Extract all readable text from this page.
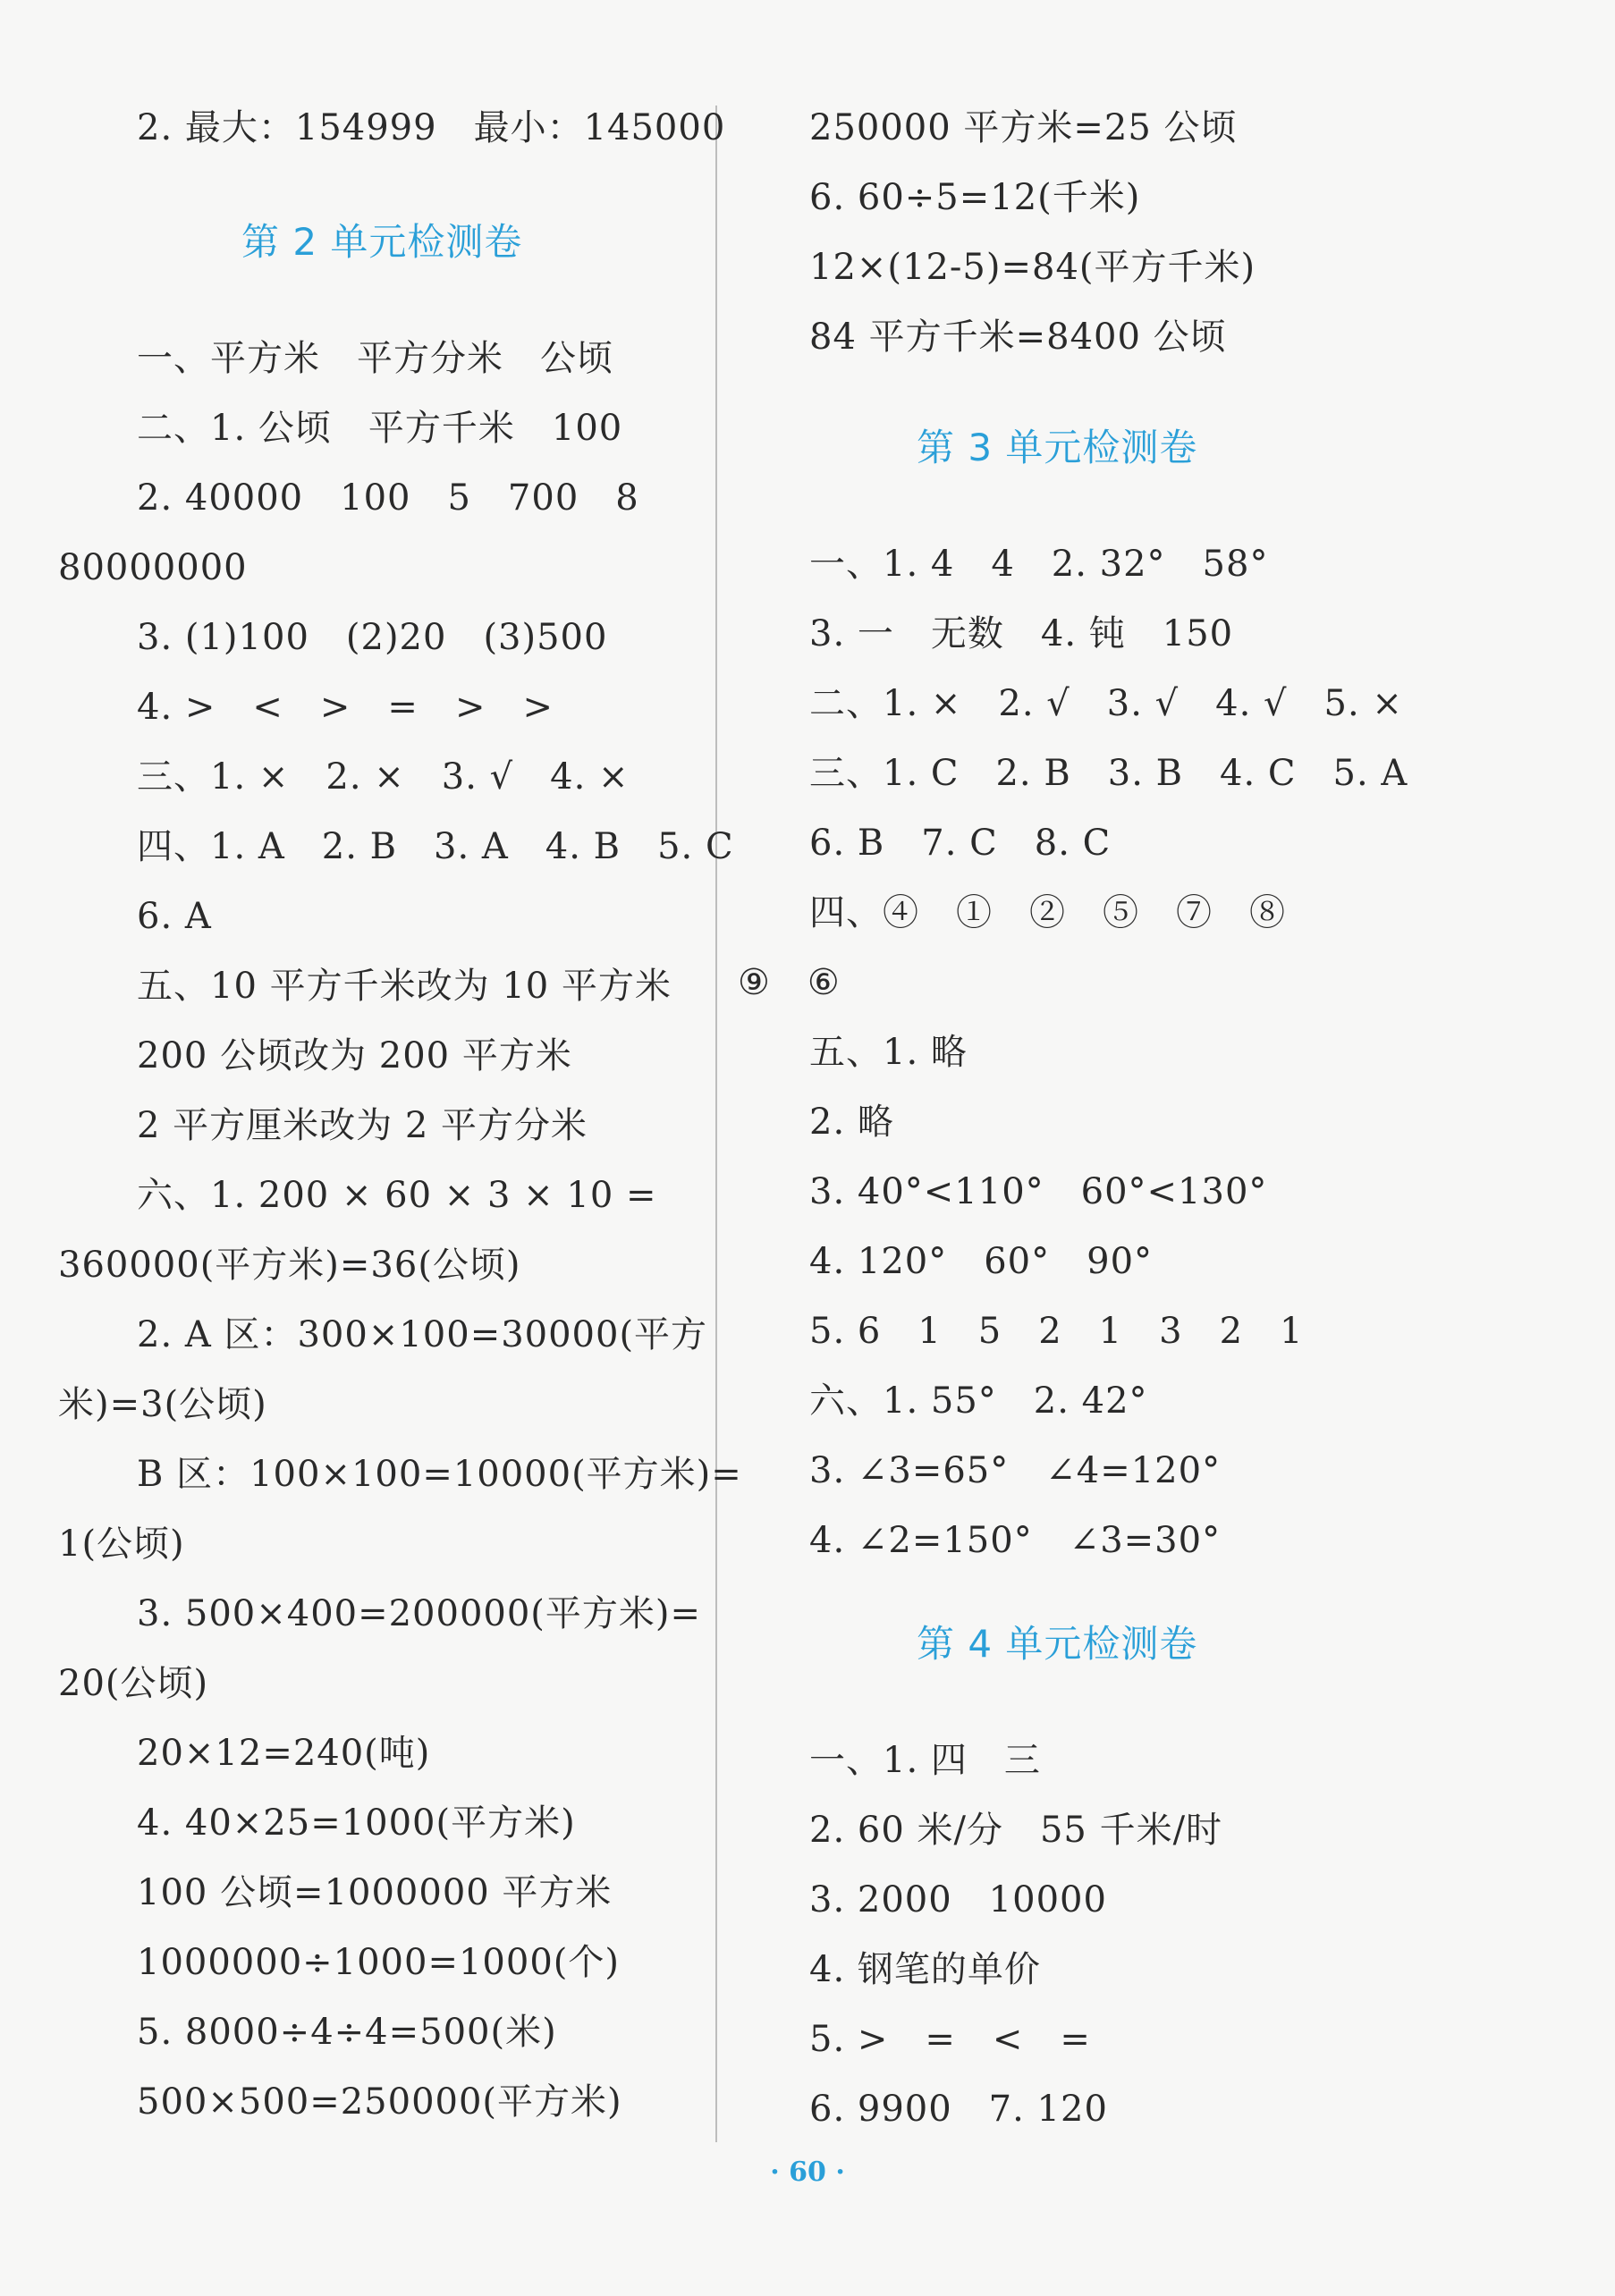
2. 最大：154999　最小：145000
第 2 单元检测卷
一、平方米　平方分米　公顷
二、1. 公顷　平方千米　100
2. 40000　100　5　700　8
80000000
3. (1)100　(2)20　(3)500
4. >　<　>　=　>　>
三、1. ×　2. ×　3. √　4. ×
四、1. A　2. B　3. A　4. B　5. C
6. A
五、10 平方千米改为 10 平方米
200 公顷改为 200 平方米
2 平方厘米改为 2 平方分米
六、1. 200 × 60 × 3 × 10 =
360000(平方米)=36(公顷)
2. A 区：300×100=30000(平方
米)=3(公顷)
B 区：100×100=10000(平方米)=
1(公顷)
3. 500×400=200000(平方米)=
20(公顷)
20×12=240(吨)
4. 40×25=1000(平方米)
100 公顷=1000000 平方米
1000000÷1000=1000(个)
5. 8000÷4÷4=500(米)
500×500=250000(平方米)
250000 平方米=25 公顷
6. 60÷5=12(千米)
12×(12-5)=84(平方千米)
84 平方千米=8400 公顷
第 3 单元检测卷
一、1. 4　4　2. 32°　58°
3. 一　无数　4. 钝　150
二、1. ×　2. √　3. √　4. √　5. ×
三、1. C　2. B　3. B　4. C　5. A
6. B　7. C　8. C
四、④　①　②　⑤　⑦　⑧
⑨　⑥
五、1. 略
2. 略
3. 40°<110°　60°<130°
4. 120°　60°　90°
5. 6　1　5　2　1　3　2　1
六、1. 55°　2. 42°
3. ∠3=65°　∠4=120°
4. ∠2=150°　∠3=30°
第 4 单元检测卷
一、1. 四　三
2. 60 米/分　55 千米/时
3. 2000　10000
4. 钢笔的单价
5. >　=　<　=
6. 9900　7. 120
· 60 ·
